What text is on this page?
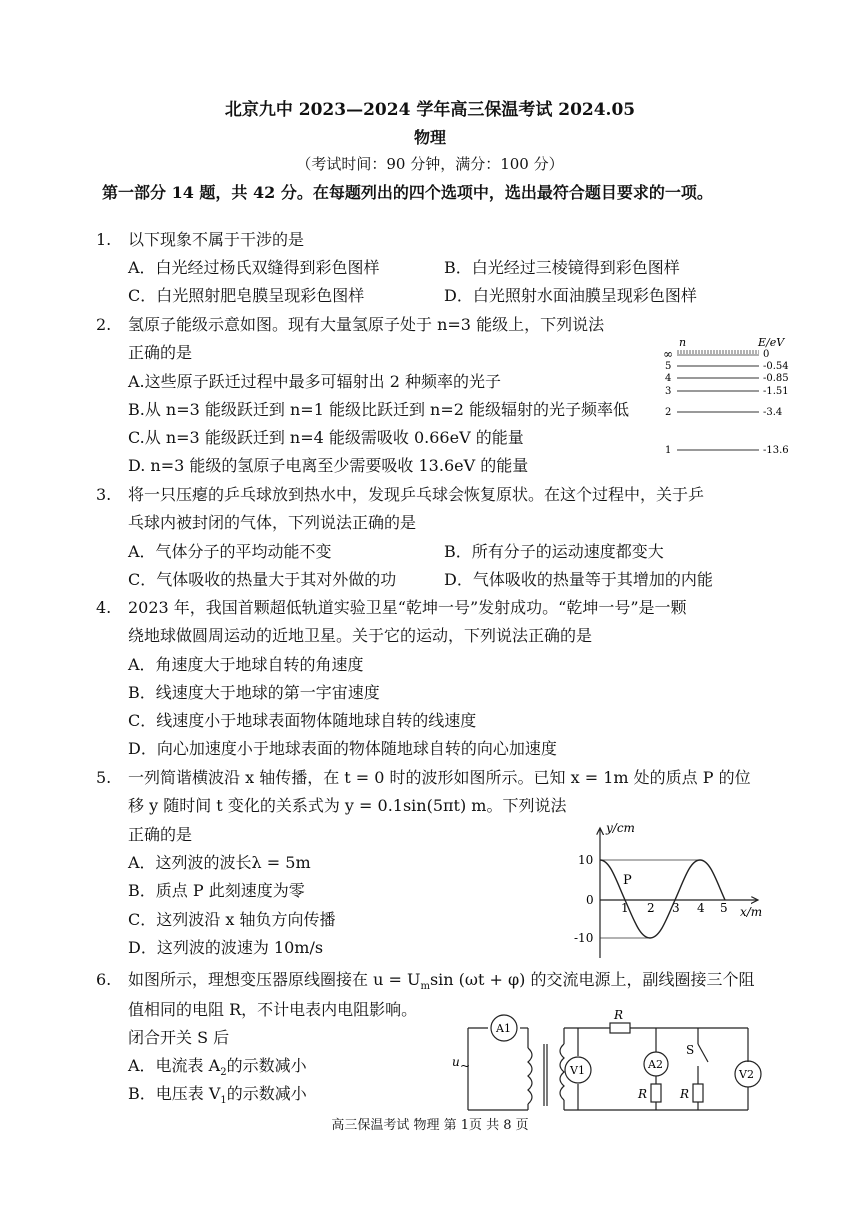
北京九中 2023—2024 学年高三保温考试 2024.05
物理
（考试时间：90 分钟，满分：100 分）
第一部分 14 题，共 42 分。在每题列出的四个选项中，选出最符合题目要求的一项。
1. 以下现象不属于干涉的是
A．白光经过杨氏双缝得到彩色图样	B．白光经过三棱镜得到彩色图样
C．白光照射肥皂膜呈现彩色图样	D．白光照射水面油膜呈现彩色图样
2. 氢原子能级示意如图。现有大量氢原子处于 n=3 能级上，下列说法
正确的是
A.这些原子跃迁过程中最多可辐射出 2 种频率的光子
B.从 n=3 能级跃迁到 n=1 能级比跃迁到 n=2 能级辐射的光子频率低
C.从 n=3 能级跃迁到 n=4 能级需吸收 0.66eV 的能量
D. n=3 能级的氢原子电离至少需要吸收 13.6eV 的能量
n	E/eV
∞	0
5	-0.54
4	-0.85
3	-1.51
2	-3.4
1	-13.6
3. 将一只压瘪的乒乓球放到热水中，发现乒乓球会恢复原状。在这个过程中，关于乒
乓球内被封闭的气体，下列说法正确的是
A．气体分子的平均动能不变	B．所有分子的运动速度都变大
C．气体吸收的热量大于其对外做的功	D．气体吸收的热量等于其增加的内能
4. 2023 年，我国首颗超低轨道实验卫星“乾坤一号”发射成功。“乾坤一号”是一颗
绕地球做圆周运动的近地卫星。关于它的运动，下列说法正确的是
A．角速度大于地球自转的角速度
B．线速度大于地球的第一宇宙速度
C．线速度小于地球表面物体随地球自转的线速度
D．向心加速度小于地球表面的物体随地球自转的向心加速度
5. 一列简谐横波沿 x 轴传播，在 t = 0 时的波形如图所示。已知 x = 1m 处的质点 P 的位
移 y 随时间 t 变化的关系式为 y = 0.1sin(5πt) m。下列说法
正确的是
A．这列波的波长λ = 5m
B．质点 P 此刻速度为零
C．这列波沿 x 轴负方向传播
D．这列波的波速为 10m/s
y/cm
x/m
10
0
-10
1 2 3 4 5
P
6. 如图所示，理想变压器原线圈接在 $u = U_m\sin$ (ωt + φ) 的交流电源上，副线圈接三个阻
值相同的电阻 R，不计电表内电阻影响。
闭合开关 S 后
A．电流表 $A_2$的示数减小
B．电压表 $V_1$的示数减小
A1
u ~	V1	A2
V2
R
R	R
S
高三保温考试 物理 第 1页 共 8 页
